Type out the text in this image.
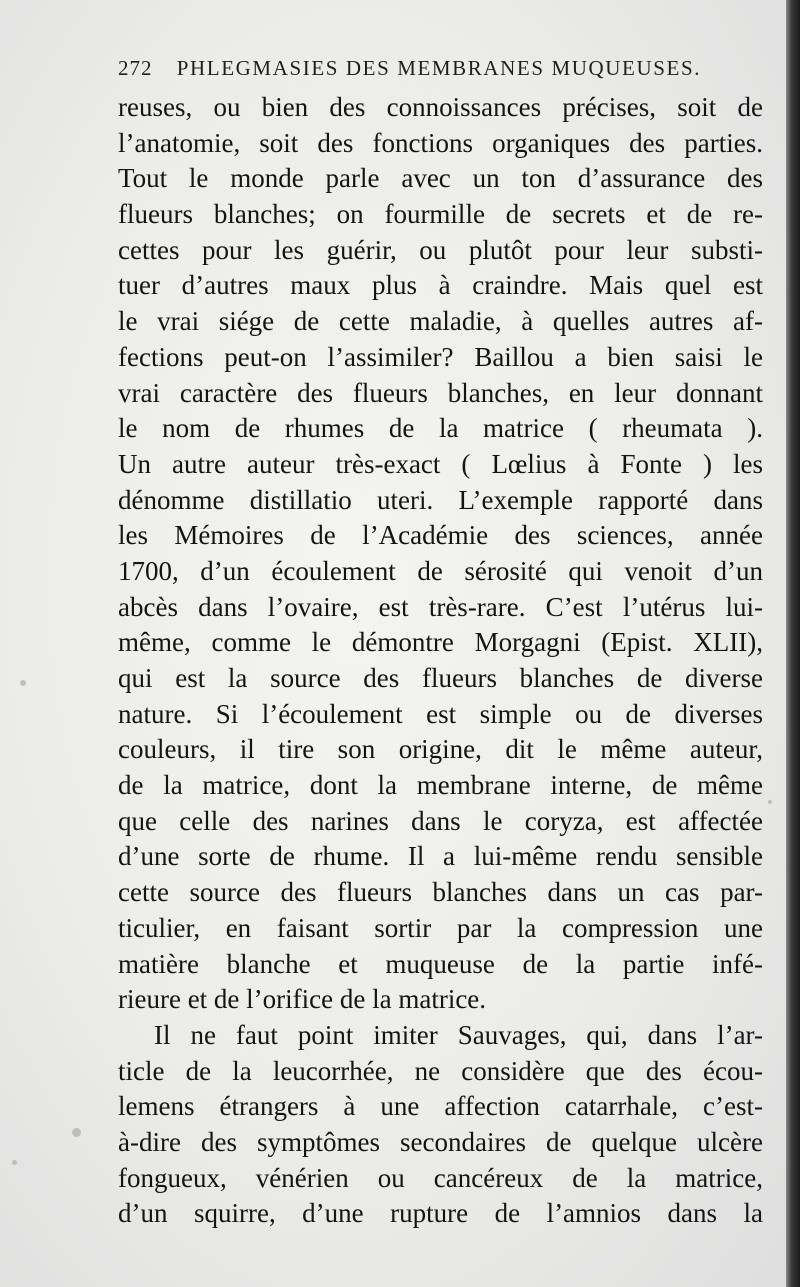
272 PHLEGMASIES DES MEMBRANES MUQUEUSES.
reuses, ou bien des connoissances précises, soit de
l’anatomie, soit des fonctions organiques des parties.
Tout le monde parle avec un ton d’assurance des
flueurs blanches; on fourmille de secrets et de re-
cettes pour les guérir, ou plutôt pour leur substi-
tuer d’autres maux plus à craindre. Mais quel est
le vrai siége de cette maladie, à quelles autres af-
fections peut-on l’assimiler? Baillou a bien saisi le
vrai caractère des flueurs blanches, en leur donnant
le nom de rhumes de la matrice ( rheumata ).
Un autre auteur très-exact ( Lœlius à Fonte ) les
dénomme distillatio uteri. L’exemple rapporté dans
les Mémoires de l’Académie des sciences, année
1700, d’un écoulement de sérosité qui venoit d’un
abcès dans l’ovaire, est très-rare. C’est l’utérus lui-
même, comme le démontre Morgagni (Epist. XLII),
qui est la source des flueurs blanches de diverse
nature. Si l’écoulement est simple ou de diverses
couleurs, il tire son origine, dit le même auteur,
de la matrice, dont la membrane interne, de même
que celle des narines dans le coryza, est affectée
d’une sorte de rhume. Il a lui-même rendu sensible
cette source des flueurs blanches dans un cas par-
ticulier, en faisant sortir par la compression une
matière blanche et muqueuse de la partie infé-
rieure et de l’orifice de la matrice.
Il ne faut point imiter Sauvages, qui, dans l’ar-
ticle de la leucorrhée, ne considère que des écou-
lemens étrangers à une affection catarrhale, c’est-
à-dire des symptômes secondaires de quelque ulcère
fongueux, vénérien ou cancéreux de la matrice,
d’un squirre, d’une rupture de l’amnios dans la
